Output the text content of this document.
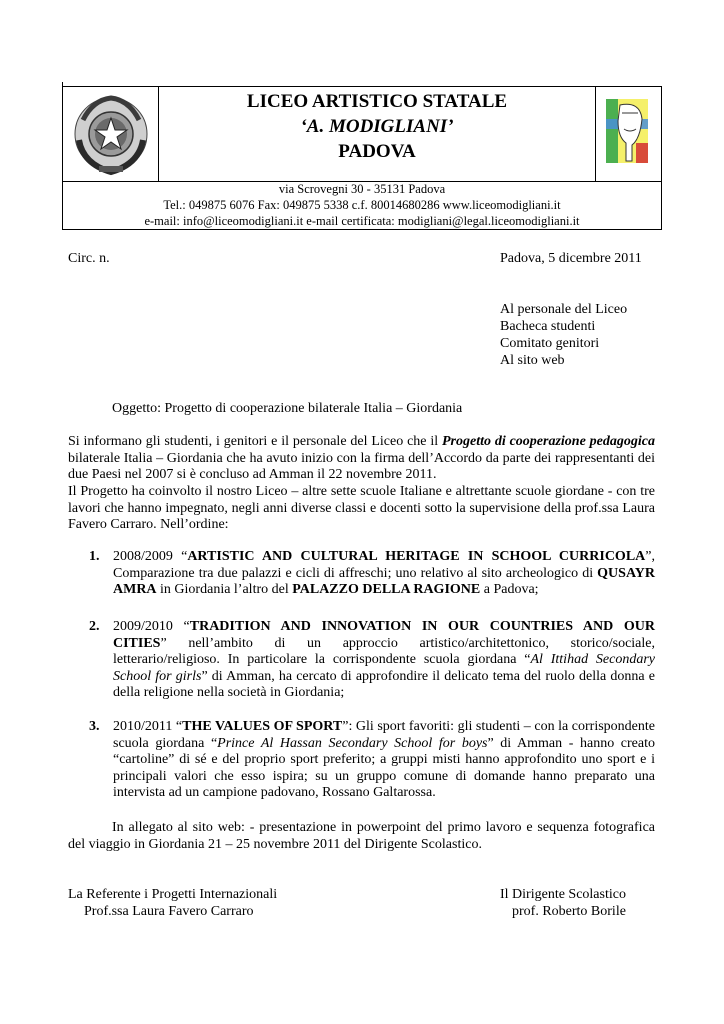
LICEO ARTISTICO STATALE
‘A. MODIGLIANI’
PADOVA
via Scrovegni 30 - 35131 Padova
Tel.: 049875 6076 Fax: 049875 5338 c.f. 80014680286 www.liceomodigliani.it
e-mail: info@liceomodigliani.it e-mail certificata: modigliani@legal.liceomodigliani.it
Circ. n.	Padova, 5 dicembre 2011
Al personale del Liceo
Bacheca studenti
Comitato genitori
Al sito web
Oggetto: Progetto di cooperazione bilaterale Italia – Giordania
Si informano gli studenti, i genitori e il personale del Liceo che il Progetto di cooperazione pedagogica bilaterale Italia – Giordania che ha avuto inizio con la firma dell’Accordo da parte dei rappresentanti dei due Paesi nel 2007 si è concluso ad Amman il 22 novembre 2011.
Il Progetto ha coinvolto il nostro Liceo – altre sette scuole Italiane e altrettante scuole giordane - con tre lavori che hanno impegnato, negli anni diverse classi e docenti sotto la supervisione della prof.ssa Laura Favero Carraro. Nell’ordine:
1. 2008/2009 “ARTISTIC AND CULTURAL HERITAGE IN SCHOOL CURRICOLA”, Comparazione tra due palazzi e cicli di affreschi; uno relativo al sito archeologico di QUSAYR AMRA in Giordania l’altro del PALAZZO DELLA RAGIONE a Padova;
2. 2009/2010 “TRADITION AND INNOVATION IN OUR COUNTRIES AND OUR CITIES” nell’ambito di un approccio artistico/architettonico, storico/sociale, letterario/religioso. In particolare la corrispondente scuola giordana “Al Ittihad Secondary School for girls” di Amman, ha cercato di approfondire il delicato tema del ruolo della donna e della religione nella società in Giordania;
3. 2010/2011 “THE VALUES OF SPORT”: Gli sport favoriti: gli studenti – con la corrispondente scuola giordana “Prince Al Hassan Secondary School for boys” di Amman - hanno creato “cartoline” di sé e del proprio sport preferito; a gruppi misti hanno approfondito uno sport e i principali valori che esso ispira; su un gruppo comune di domande hanno preparato una intervista ad un campione padovano, Rossano Galtarossa.
In allegato al sito web: - presentazione in powerpoint del primo lavoro e sequenza fotografica del viaggio in Giordania 21 – 25 novembre 2011 del Dirigente Scolastico.
La Referente i Progetti Internazionali
Prof.ssa Laura Favero Carraro
Il Dirigente Scolastico
prof. Roberto Borile
